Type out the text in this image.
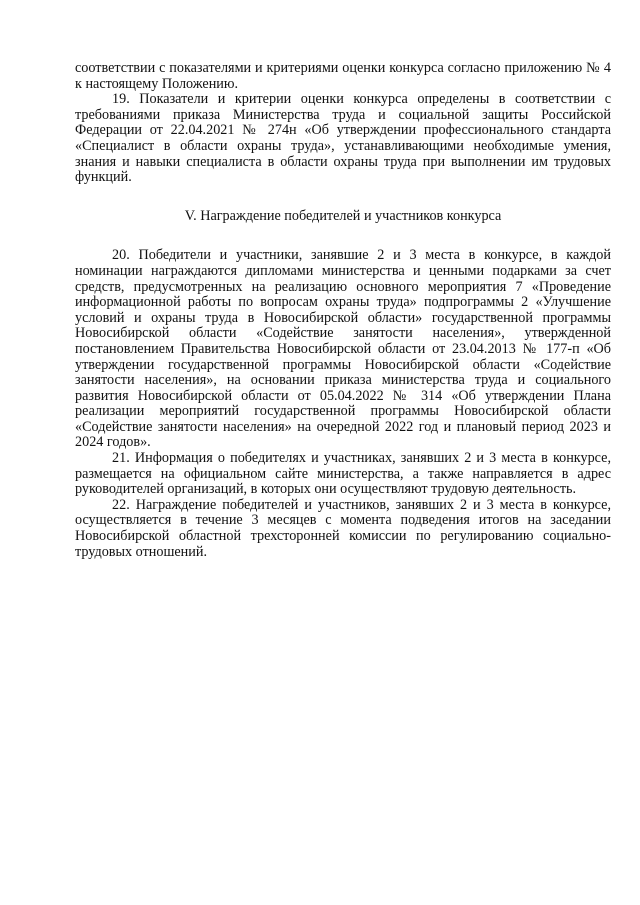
соответствии с показателями и критериями оценки конкурса согласно приложению № 4 к настоящему Положению.

19. Показатели и критерии оценки конкурса определены в соответствии с требованиями приказа Министерства труда и социальной защиты Российской Федерации от 22.04.2021 № 274н «Об утверждении профессионального стандарта «Специалист в области охраны труда», устанавливающими необходимые умения, знания и навыки специалиста в области охраны труда при выполнении им трудовых функций.

V. Награждение победителей и участников конкурса

20. Победители и участники, занявшие 2 и 3 места в конкурсе, в каждой номинации награждаются дипломами министерства и ценными подарками за счет средств, предусмотренных на реализацию основного мероприятия 7 «Проведение информационной работы по вопросам охраны труда» подпрограммы 2 «Улучшение условий и охраны труда в Новосибирской области» государственной программы Новосибирской области «Содействие занятости населения», утвержденной постановлением Правительства Новосибирской области от 23.04.2013 № 177-п «Об утверждении государственной программы Новосибирской области «Содействие занятости населения», на основании приказа министерства труда и социального развития Новосибирской области от 05.04.2022 № 314 «Об утверждении Плана реализации мероприятий государственной программы Новосибирской области «Содействие занятости населения» на очередной 2022 год и плановый период 2023 и 2024 годов».

21. Информация о победителях и участниках, занявших 2 и 3 места в конкурсе, размещается на официальном сайте министерства, а также направляется в адрес руководителей организаций, в которых они осуществляют трудовую деятельность.

22. Награждение победителей и участников, занявших 2 и 3 места в конкурсе, осуществляется в течение 3 месяцев с момента подведения итогов на заседании Новосибирской областной трехсторонней комиссии по регулированию социально-трудовых отношений.
